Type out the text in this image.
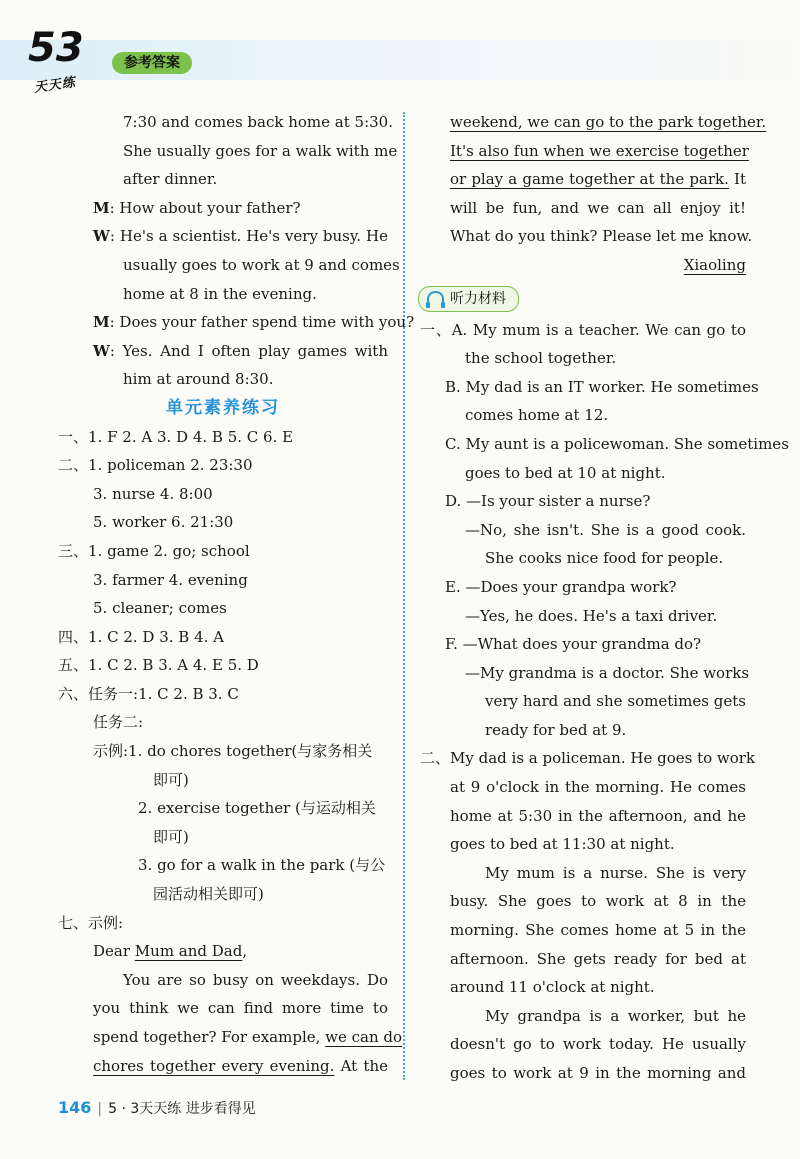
53
天天练
参考答案
7:30 and comes back home at 5:30.
She usually goes for a walk with me
after dinner.
M: How about your father?
W: He's a scientist. He's very busy. He
usually goes to work at 9 and comes
home at 8 in the evening.
M: Does your father spend time with you?
W: Yes. And I often play games with
him at around 8:30.
单元素养练习
一、1. F 2. A 3. D 4. B 5. C 6. E
二、1. policeman 2. 23:30
3. nurse 4. 8:00
5. worker 6. 21:30
三、1. game 2. go; school
3. farmer 4. evening
5. cleaner; comes
四、1. C 2. D 3. B 4. A
五、1. C 2. B 3. A 4. E 5. D
六、任务一:1. C 2. B 3. C
任务二:
示例:1. do chores together(与家务相关
即可)
2. exercise together (与运动相关
即可)
3. go for a walk in the park (与公
园活动相关即可)
七、示例:
Dear Mum and Dad,
You are so busy on weekdays. Do
you think we can find more time to
spend together? For example, we can do
chores together every evening. At the
weekend, we can go to the park together.
It's also fun when we exercise together
or play a game together at the park. It
will be fun, and we can all enjoy it!
What do you think? Please let me know.
Xiaoling
听力材料
一、A. My mum is a teacher. We can go to
the school together.
B. My dad is an IT worker. He sometimes
comes home at 12.
C. My aunt is a policewoman. She sometimes
goes to bed at 10 at night.
D. —Is your sister a nurse?
—No, she isn't. She is a good cook.
She cooks nice food for people.
E. —Does your grandpa work?
—Yes, he does. He's a taxi driver.
F. —What does your grandma do?
—My grandma is a doctor. She works
very hard and she sometimes gets
ready for bed at 9.
二、My dad is a policeman. He goes to work
at 9 o'clock in the morning. He comes
home at 5:30 in the afternoon, and he
goes to bed at 11:30 at night.
My mum is a nurse. She is very
busy. She goes to work at 8 in the
morning. She comes home at 5 in the
afternoon. She gets ready for bed at
around 11 o'clock at night.
My grandpa is a worker, but he
doesn't go to work today. He usually
goes to work at 9 in the morning and
146 | 5 · 3天天练 进步看得见
